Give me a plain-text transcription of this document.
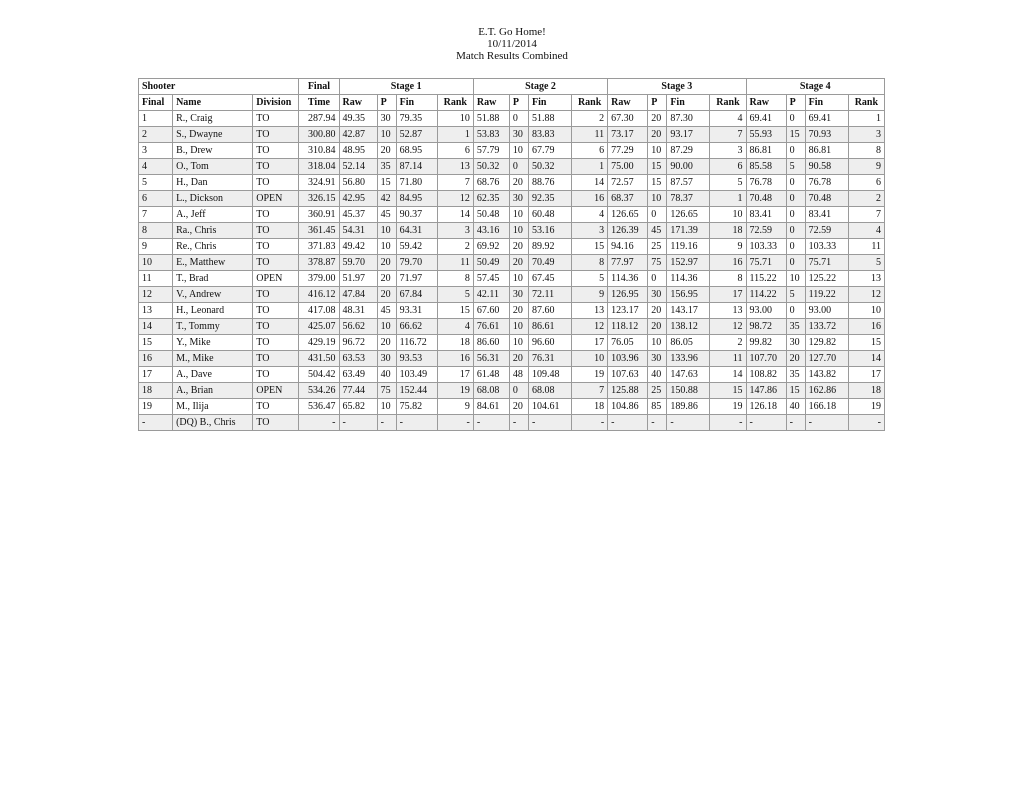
E.T. Go Home!
10/11/2014
Match Results Combined
Shooter			Final	Stage 1				Stage 2				Stage 3				Stage 4			
Final	Name	Division	Time	Raw	P	Fin	Rank	Raw	P	Fin	Rank	Raw	P	Fin	Rank	Raw	P	Fin	Rank
1	R., Craig	TO	287.94	49.35	30	79.35	10	51.88	0	51.88	2	67.30	20	87.30	4	69.41	0	69.41	1
2	S., Dwayne	TO	300.80	42.87	10	52.87	1	53.83	30	83.83	11	73.17	20	93.17	7	55.93	15	70.93	3
3	B., Drew	TO	310.84	48.95	20	68.95	6	57.79	10	67.79	6	77.29	10	87.29	3	86.81	0	86.81	8
4	O., Tom	TO	318.04	52.14	35	87.14	13	50.32	0	50.32	1	75.00	15	90.00	6	85.58	5	90.58	9
5	H., Dan	TO	324.91	56.80	15	71.80	7	68.76	20	88.76	14	72.57	15	87.57	5	76.78	0	76.78	6
6	L., Dickson	OPEN	326.15	42.95	42	84.95	12	62.35	30	92.35	16	68.37	10	78.37	1	70.48	0	70.48	2
7	A., Jeff	TO	360.91	45.37	45	90.37	14	50.48	10	60.48	4	126.65	0	126.65	10	83.41	0	83.41	7
8	Ra., Chris	TO	361.45	54.31	10	64.31	3	43.16	10	53.16	3	126.39	45	171.39	18	72.59	0	72.59	4
9	Re., Chris	TO	371.83	49.42	10	59.42	2	69.92	20	89.92	15	94.16	25	119.16	9	103.33	0	103.33	11
10	E., Matthew	TO	378.87	59.70	20	79.70	11	50.49	20	70.49	8	77.97	75	152.97	16	75.71	0	75.71	5
11	T., Brad	OPEN	379.00	51.97	20	71.97	8	57.45	10	67.45	5	114.36	0	114.36	8	115.22	10	125.22	13
12	V., Andrew	TO	416.12	47.84	20	67.84	5	42.11	30	72.11	9	126.95	30	156.95	17	114.22	5	119.22	12
13	H., Leonard	TO	417.08	48.31	45	93.31	15	67.60	20	87.60	13	123.17	20	143.17	13	93.00	0	93.00	10
14	T., Tommy	TO	425.07	56.62	10	66.62	4	76.61	10	86.61	12	118.12	20	138.12	12	98.72	35	133.72	16
15	Y., Mike	TO	429.19	96.72	20	116.72	18	86.60	10	96.60	17	76.05	10	86.05	2	99.82	30	129.82	15
16	M., Mike	TO	431.50	63.53	30	93.53	16	56.31	20	76.31	10	103.96	30	133.96	11	107.70	20	127.70	14
17	A., Dave	TO	504.42	63.49	40	103.49	17	61.48	48	109.48	19	107.63	40	147.63	14	108.82	35	143.82	17
18	A., Brian	OPEN	534.26	77.44	75	152.44	19	68.08	0	68.08	7	125.88	25	150.88	15	147.86	15	162.86	18
19	M., Ilija	TO	536.47	65.82	10	75.82	9	84.61	20	104.61	18	104.86	85	189.86	19	126.18	40	166.18	19
-	(DQ) B., Chris	TO	-	-	-	-	-	-	-	-	-	-	-	-	-	-	-	-	-
